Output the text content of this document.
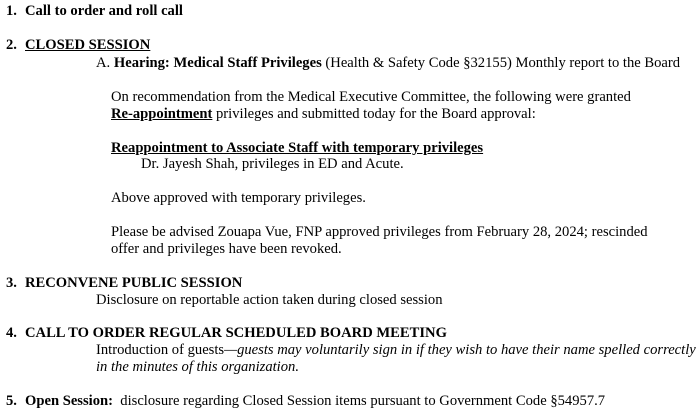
1. Call to order and roll call
2. CLOSED SESSION
A. Hearing: Medical Staff Privileges (Health & Safety Code §32155) Monthly report to the Board
On recommendation from the Medical Executive Committee, the following were granted
Re-appointment privileges and submitted today for the Board approval:
Reappointment to Associate Staff with temporary privileges
Dr. Jayesh Shah, privileges in ED and Acute.
Above approved with temporary privileges.
Please be advised Zouapa Vue, FNP approved privileges from February 28, 2024; rescinded
offer and privileges have been revoked.
3. RECONVENE PUBLIC SESSION
Disclosure on reportable action taken during closed session
4. CALL TO ORDER REGULAR SCHEDULED BOARD MEETING
Introduction of guests—guests may voluntarily sign in if they wish to have their name spelled correctly
in the minutes of this organization.
5. Open Session:  disclosure regarding Closed Session items pursuant to Government Code §54957.7
